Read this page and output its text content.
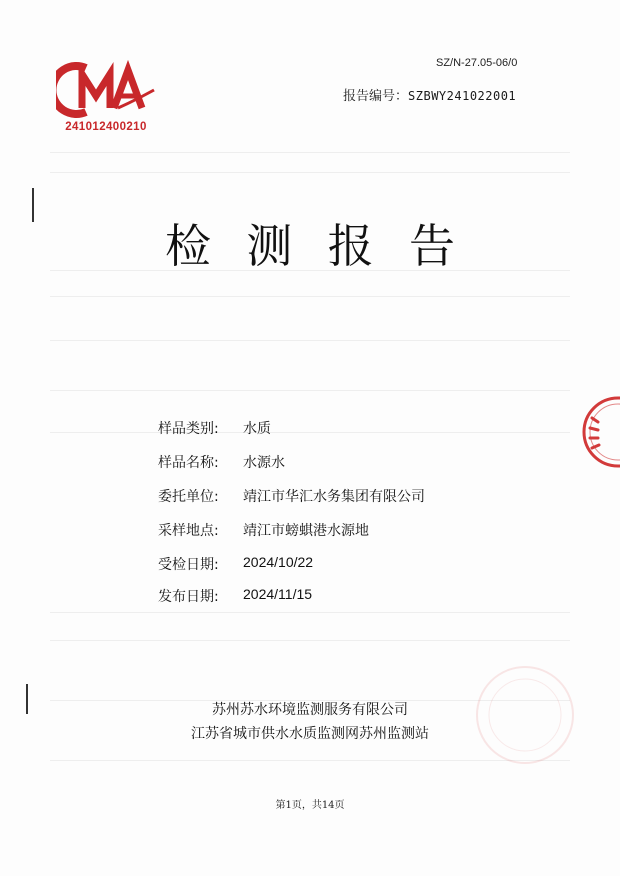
SZ/N-27.05-06/0
241012400210
报告编号：SZBWY241022001
检 测 报 告
样品类别: 水质
样品名称: 水源水
委托单位: 靖江市华汇水务集团有限公司
采样地点: 靖江市螃蜞港水源地
受检日期: 2024/10/22
发布日期: 2024/11/15
苏州苏水环境监测服务有限公司
江苏省城市供水水质监测网苏州监测站
第1页，共14页
